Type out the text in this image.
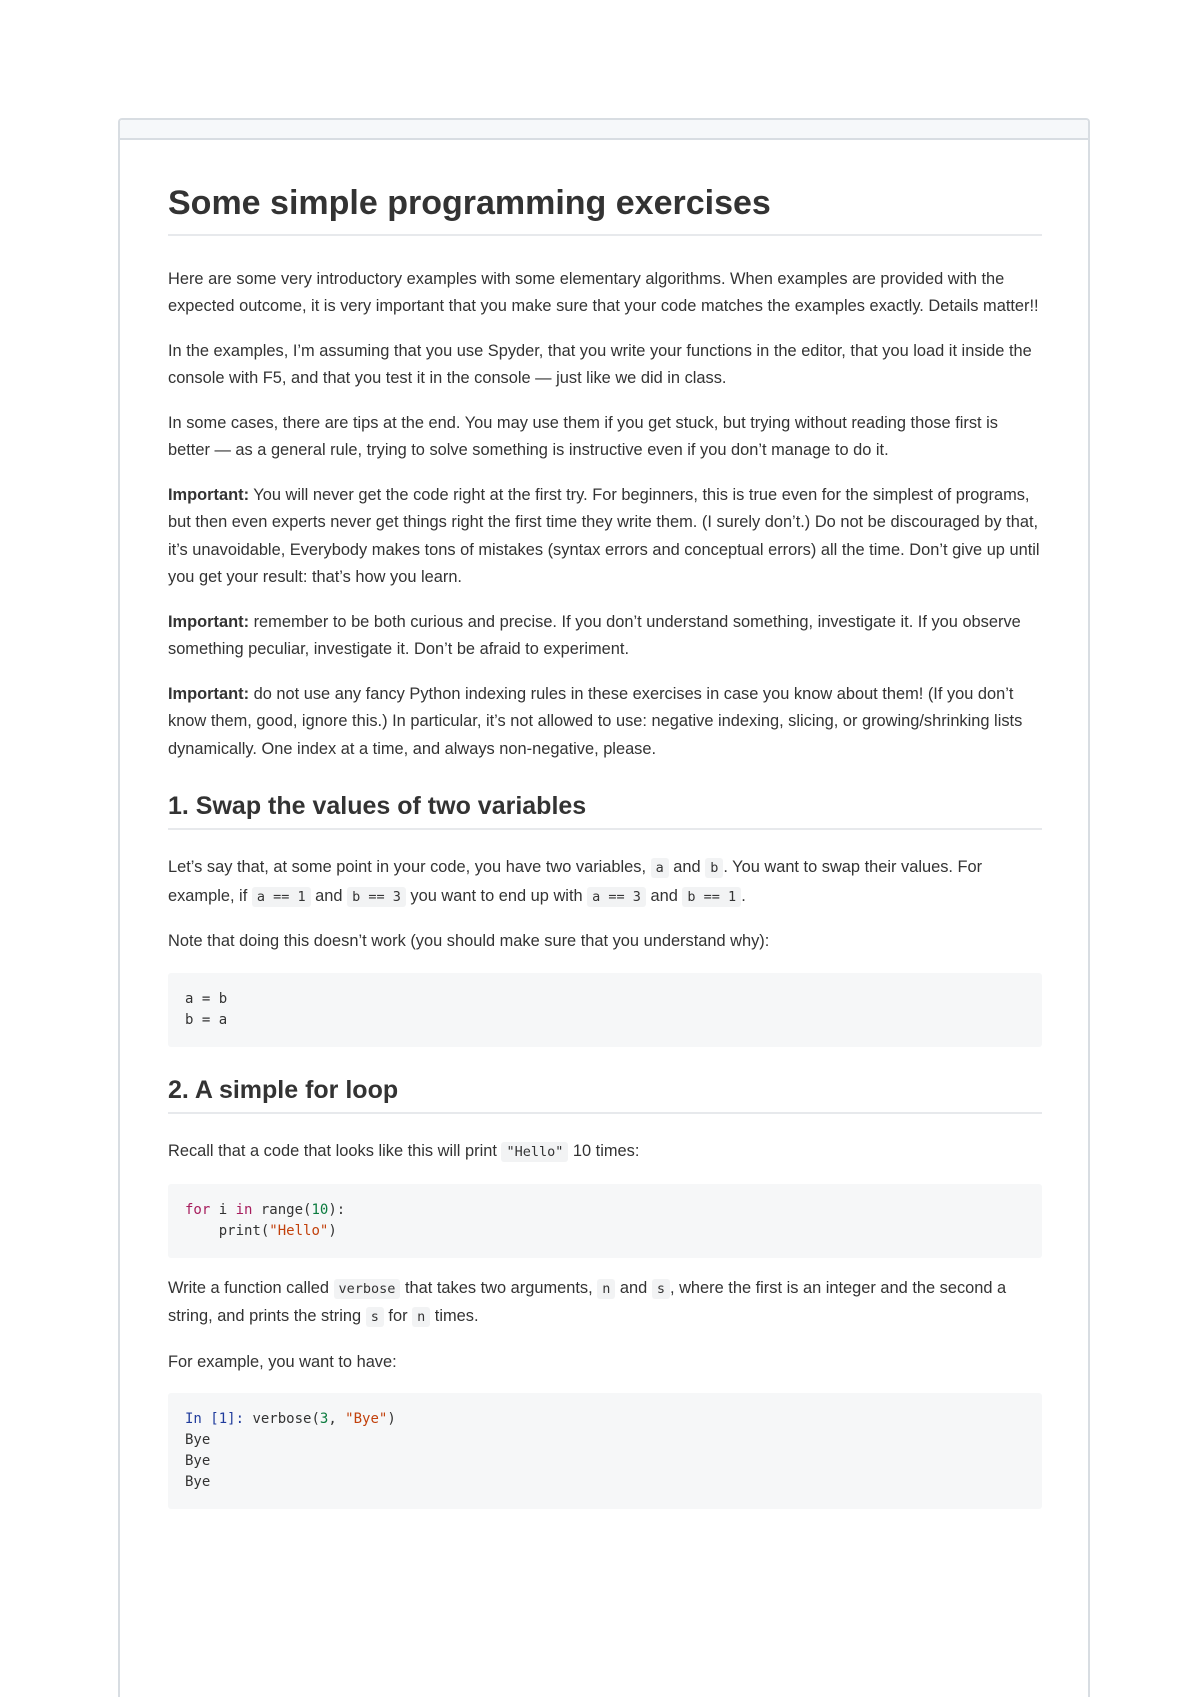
Some simple programming exercises

Here are some very introductory examples with some elementary algorithms. When examples are provided with the expected outcome, it is very important that you make sure that your code matches the examples exactly. Details matter!!

In the examples, I’m assuming that you use Spyder, that you write your functions in the editor, that you load it inside the console with F5, and that you test it in the console — just like we did in class.

In some cases, there are tips at the end. You may use them if you get stuck, but trying without reading those first is better — as a general rule, trying to solve something is instructive even if you don’t manage to do it.

Important: You will never get the code right at the first try. For beginners, this is true even for the simplest of programs, but then even experts never get things right the first time they write them. (I surely don’t.) Do not be discouraged by that, it’s unavoidable, Everybody makes tons of mistakes (syntax errors and conceptual errors) all the time. Don’t give up until you get your result: that’s how you learn.

Important: remember to be both curious and precise. If you don’t understand something, investigate it. If you observe something peculiar, investigate it. Don’t be afraid to experiment.

Important: do not use any fancy Python indexing rules in these exercises in case you know about them! (If you don’t know them, good, ignore this.) In particular, it’s not allowed to use: negative indexing, slicing, or growing/shrinking lists dynamically. One index at a time, and always non-negative, please.

1. Swap the values of two variables

Let’s say that, at some point in your code, you have two variables, a and b . You want to swap their values. For example, if a == 1 and b == 3 you want to end up with a == 3 and b == 1 .

Note that doing this doesn’t work (you should make sure that you understand why):

a = b
b = a
2. A simple for loop

Recall that a code that looks like this will print "Hello" 10 times:

for i in range(10):
print("Hello")

Write a function called verbose that takes two arguments, n and s , where the first is an integer and the second a string, and prints the string s for n times.

For example, you want to have:

In [1]: verbose(3, "Bye")
Bye
Bye
Bye
